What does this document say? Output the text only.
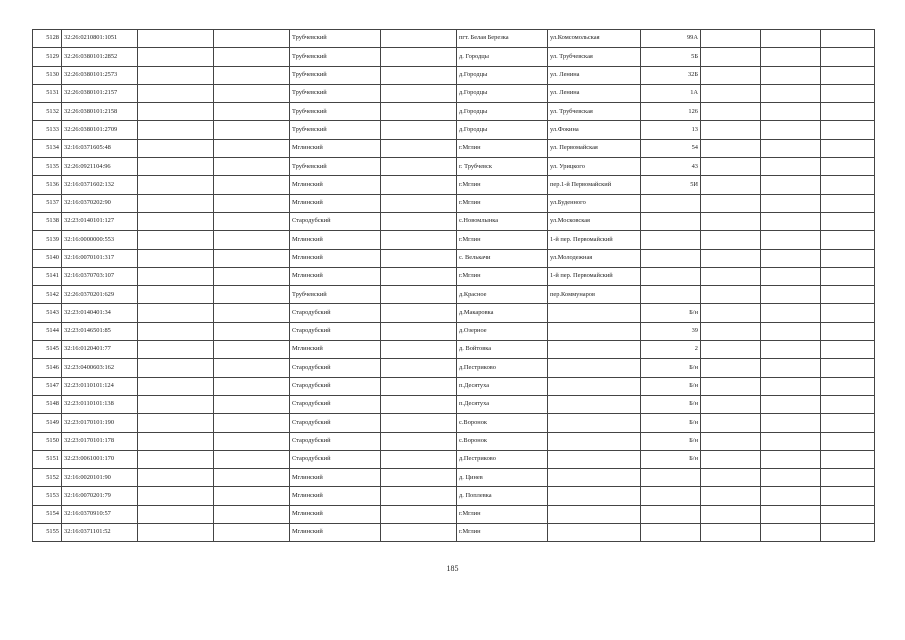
5128	32:26:0210801:1051			Трубчевский		пгт. Белая Березка	ул.Комсомольская	99А			
5129	32:26:0380101:2852			Трубчевский		д. Городцы	ул. Трубчевская	5Б			
5130	32:26:0380101:2573			Трубчевский		д.Городцы	ул. Ленина	32Б			
5131	32:26:0380101:2157			Трубчевский		д.Городцы	ул. Ленина	1А			
5132	32:26:0380101:2158			Трубчевский		д.Городцы	ул. Трубчевская	126			
5133	32:26:0380101:2709			Трубчевский		д.Городцы	ул.Фокина	13			
5134	32:16:0371605:48			Мглинский		г.Мглин	ул. Первомайская	54			
5135	32:26:0921104:96			Трубчевский		г. Трубчевск	ул. Урицкого	43			
5136	32:16:0371602:132			Мглинский		г.Мглин	пер.1-й Первомайский	5И			
5137	32:16:0370202:90			Мглинский		г.Мглин	ул.Буденного				
5138	32:23:0140101:127			Стародубский		с.Новомлынка	ул.Московская				
5139	32:16:0000000:553			Мглинский		г.Мглин	1-й пер. Первомайский				
5140	32:16:0070101:317			Мглинский		с. Велькачи	ул.Молодежная				
5141	32:16:0370703:107			Мглинский		г.Мглин	1-й пер. Первомайский				
5142	32:26:0370201:629			Трубчевский		д.Красное	пер.Коммунаров				
5143	32:23:0140401:34			Стародубский		д.Макаровка		Б/н			
5144	32:23:0146501:85			Стародубский		д.Озерное		39			
5145	32:16:0120401:77			Мглинский		д. Войтовка		2			
5146	32:23:0400603:162			Стародубский		д.Пестриково		Б/н			
5147	32:23:0110101:124			Стародубский		п.Десятуха		Б/н			
5148	32:23:0110101:138			Стародубский		п.Десятуха		Б/н			
5149	32:23:0170101:190			Стародубский		с.Воронок		Б/н			
5150	32:23:0170101:178			Стародубский		с.Воронок		Б/н			
5151	32:23:0061001:170			Стародубский		д.Пестриково		Б/н			
5152	32:16:0020101:90			Мглинский		д. Цинев					
5153	32:16:0070201:79			Мглинский		д. Поплевка					
5154	32:16:0370910:57			Мглинский		г.Мглин					
5155	32:16:0371101:52			Мглинский		г.Мглин					
185
